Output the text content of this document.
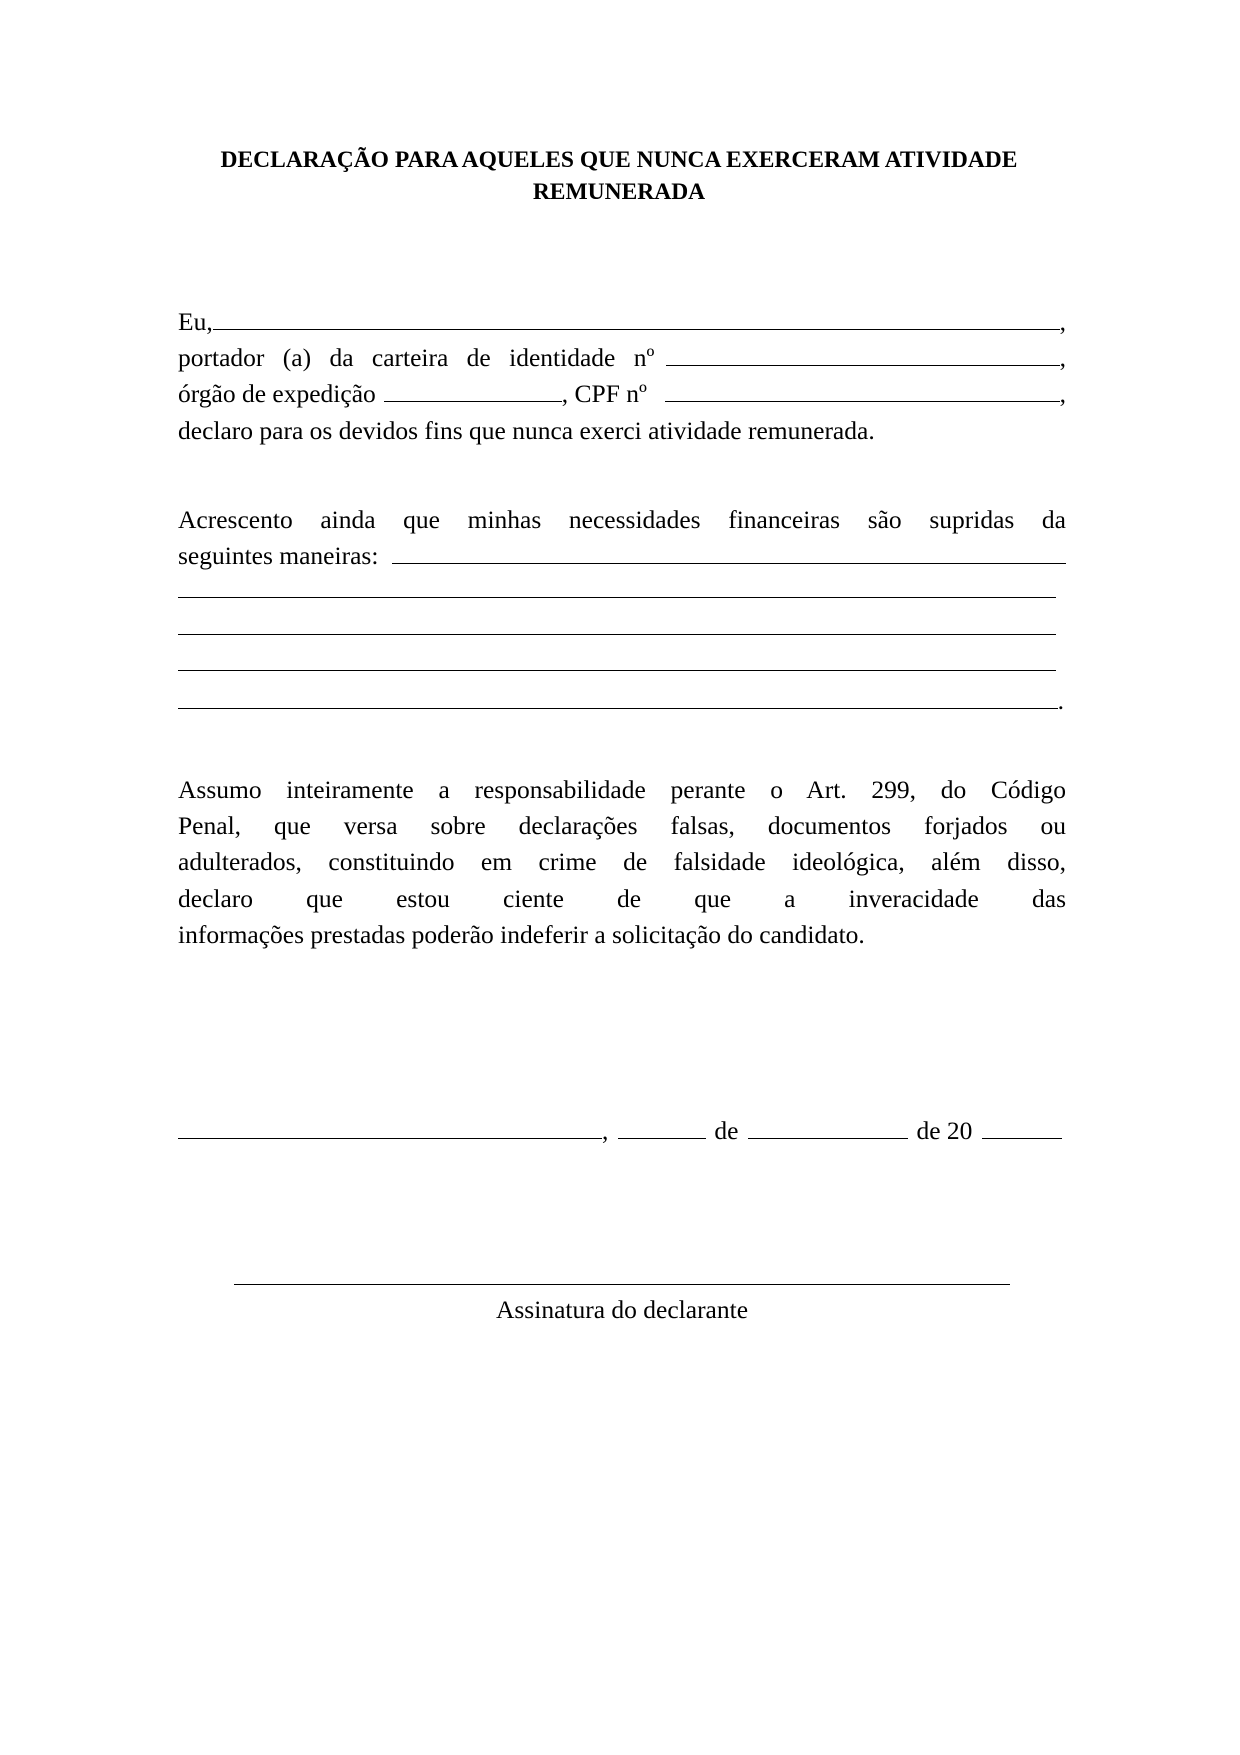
DECLARAÇÃO PARA AQUELES QUE NUNCA EXERCERAM ATIVIDADE
REMUNERADA
Eu,	,
portador (a) da carteira de identidade nº	,
órgão de expedição	, CPF nº	,
declaro para os devidos fins que nunca exerci atividade remunerada.
Acrescento ainda que minhas necessidades financeiras são supridas da
seguintes maneiras:
.
Assumo inteiramente a responsabilidade perante o Art. 299, do Código
Penal, que versa sobre declarações falsas, documentos forjados ou
adulterados, constituindo em crime de falsidade ideológica, além disso,
declaro que estou ciente de que a inveracidade das
informações prestadas poderão indeferir a solicitação do candidato.
,	de	de 20
Assinatura do declarante
